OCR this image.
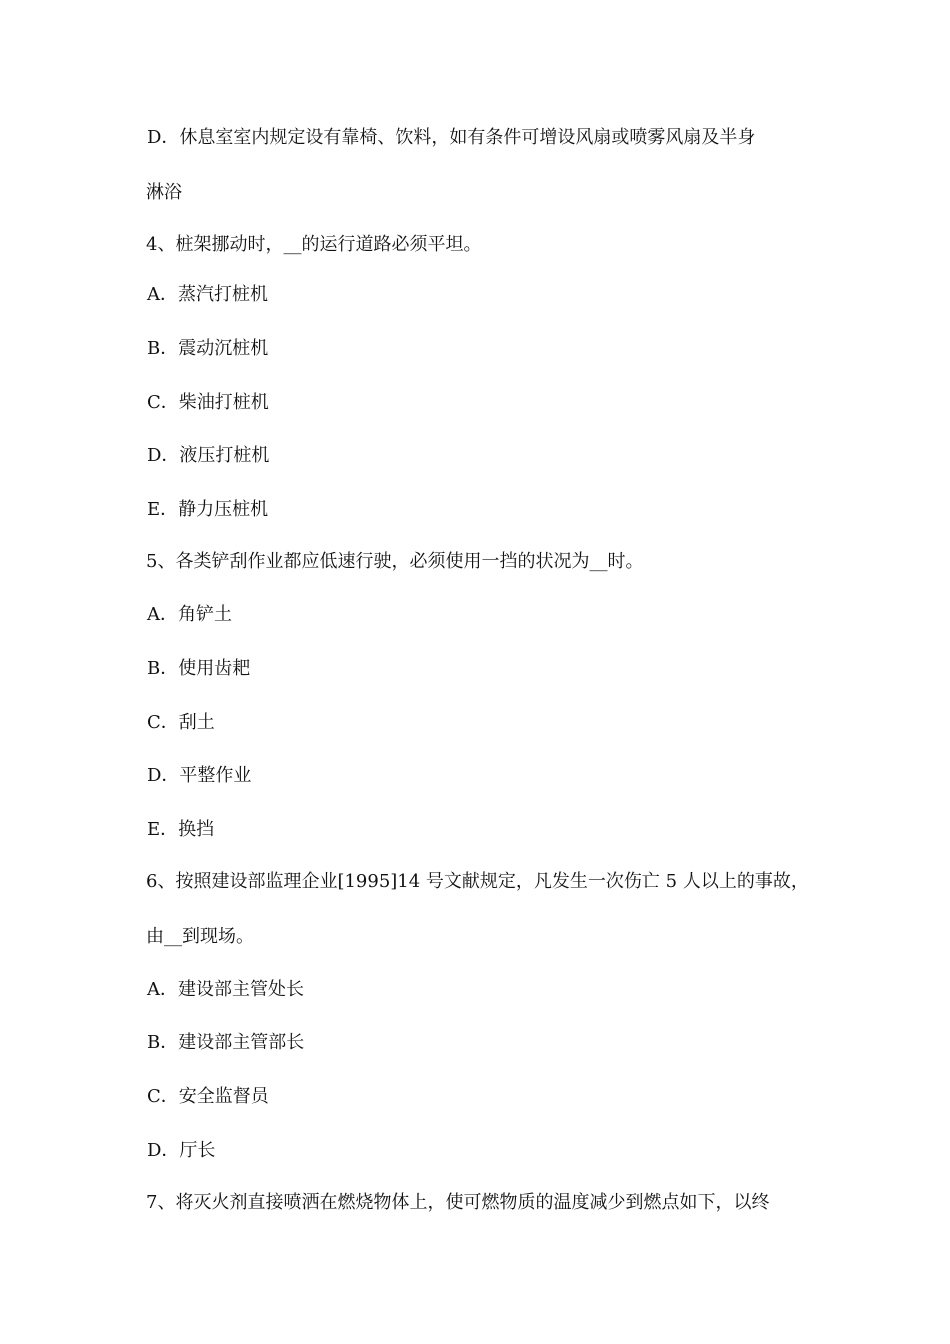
D．休息室室内规定设有靠椅、饮料，如有条件可增设风扇或喷雾风扇及半身
淋浴
4、桩架挪动时，__的运行道路必须平坦。
A．蒸汽打桩机
B．震动沉桩机
C．柴油打桩机
D．液压打桩机
E．静力压桩机
5、各类铲刮作业都应低速行驶，必须使用一挡的状况为__时。
A．角铲土
B．使用齿耙
C．刮土
D．平整作业
E．换挡
6、按照建设部监理企业[1995]14 号文献规定，凡发生一次伤亡 5 人以上的事故，
由__到现场。
A．建设部主管处长
B．建设部主管部长
C．安全监督员
D．厅长
7、将灭火剂直接喷洒在燃烧物体上，使可燃物质的温度减少到燃点如下，以终
